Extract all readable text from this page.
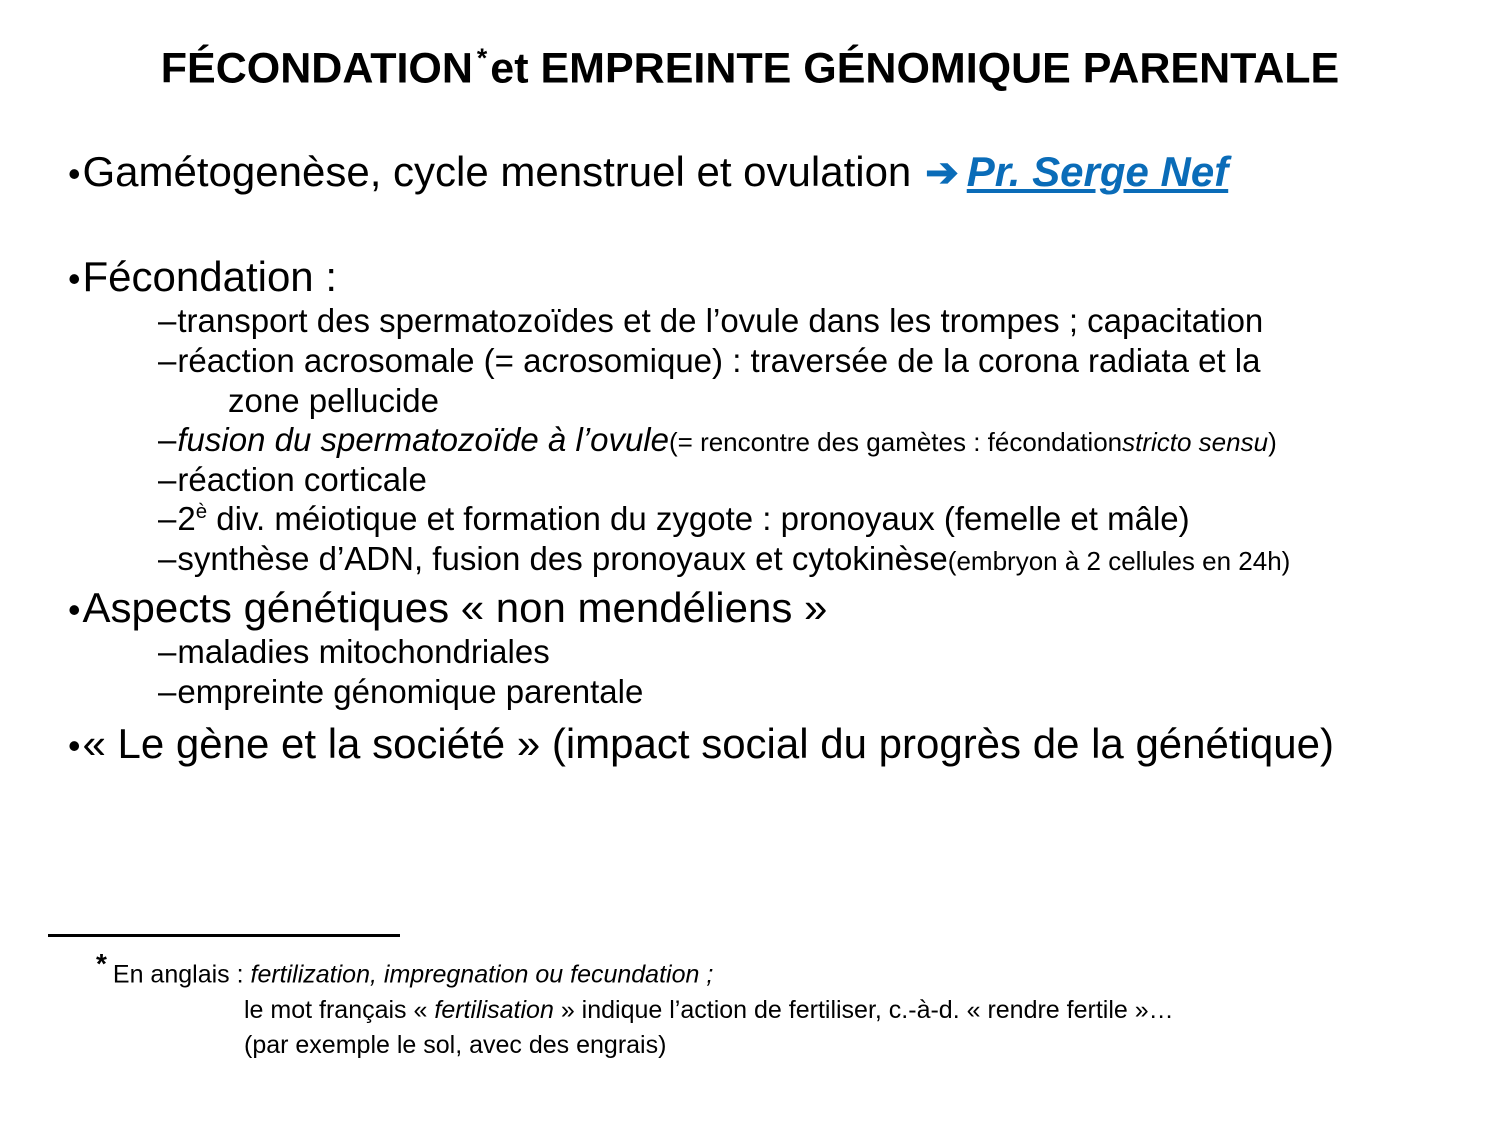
FÉCONDATION *et EMPREINTE GÉNOMIQUE PARENTALE

•Gamétogenèse, cycle menstruel et ovulation ➔ Pr. Serge Nef

•Fécondation :

–transport des spermatozoïdes et de l’ovule dans les trompes ; capacitation

–réaction acrosomale (= acrosomique) : traversée de la corona radiata et la

zone pellucide

–fusion du spermatozoïde à l’ovule(= rencontre des gamètes : fécondationstricto sensu)

–réaction corticale

$-2^è$ div. méiotique et formation du zygote : pronoyaux (femelle et mâle)

–synthèse d’ADN, fusion des pronoyaux et cytokinèse(embryon à 2 cellules en 24h)

•Aspects génétiques « non mendéliens »

–maladies mitochondriales

–empreinte génomique parentale

•« Le gène et la société » (impact social du progrès de la génétique)

* En anglais : fertilization, impregnation ou fecundation ;
le mot français « fertilisation » indique l’action de fertiliser, c.-à-d. « rendre fertile »…
(par exemple le sol, avec des engrais)
